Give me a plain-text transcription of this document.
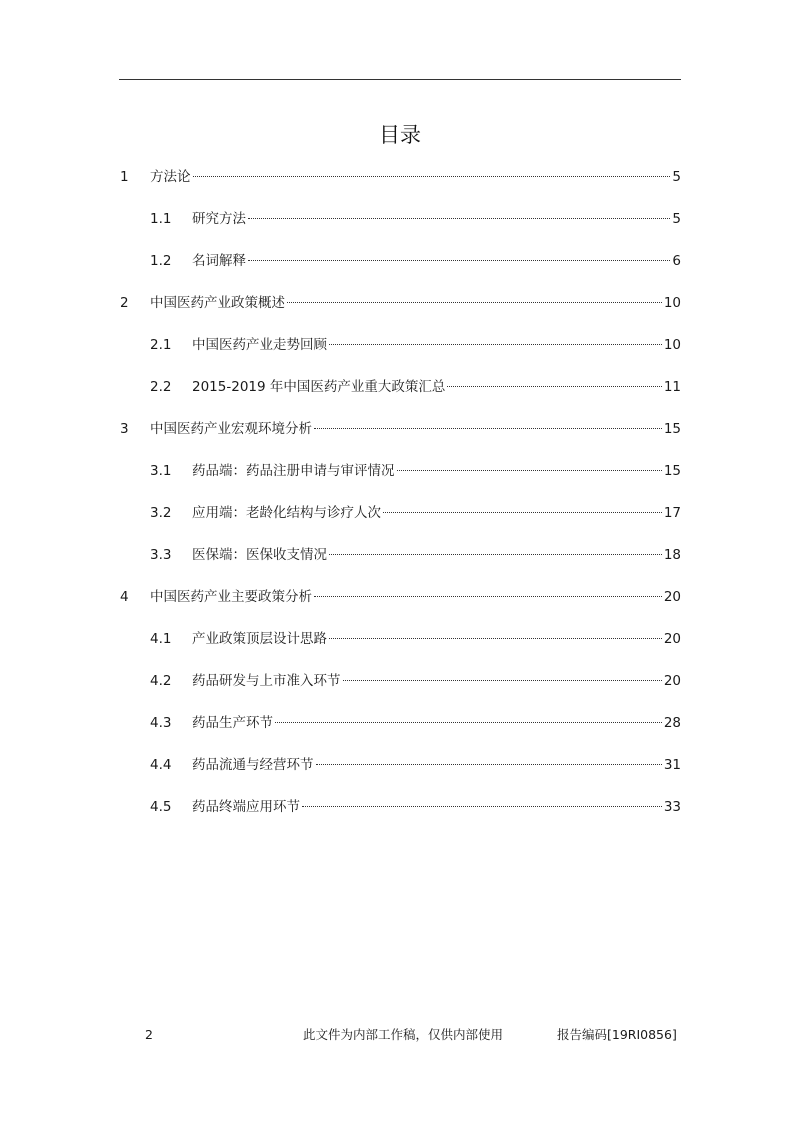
目录
1	方法论	5
1.1	研究方法	5
1.2	名词解释	6
2	中国医药产业政策概述	10
2.1	中国医药产业走势回顾	10
2.2	2015-2019 年中国医药产业重大政策汇总	11
3	中国医药产业宏观环境分析	15
3.1	药品端：药品注册申请与审评情况	15
3.2	应用端：老龄化结构与诊疗人次	17
3.3	医保端：医保收支情况	18
4	中国医药产业主要政策分析	20
4.1	产业政策顶层设计思路	20
4.2	药品研发与上市准入环节	20
4.3	药品生产环节	28
4.4	药品流通与经营环节	31
4.5	药品终端应用环节	33
2	此文件为内部工作稿，仅供内部使用	报告编码[19RI0856]
